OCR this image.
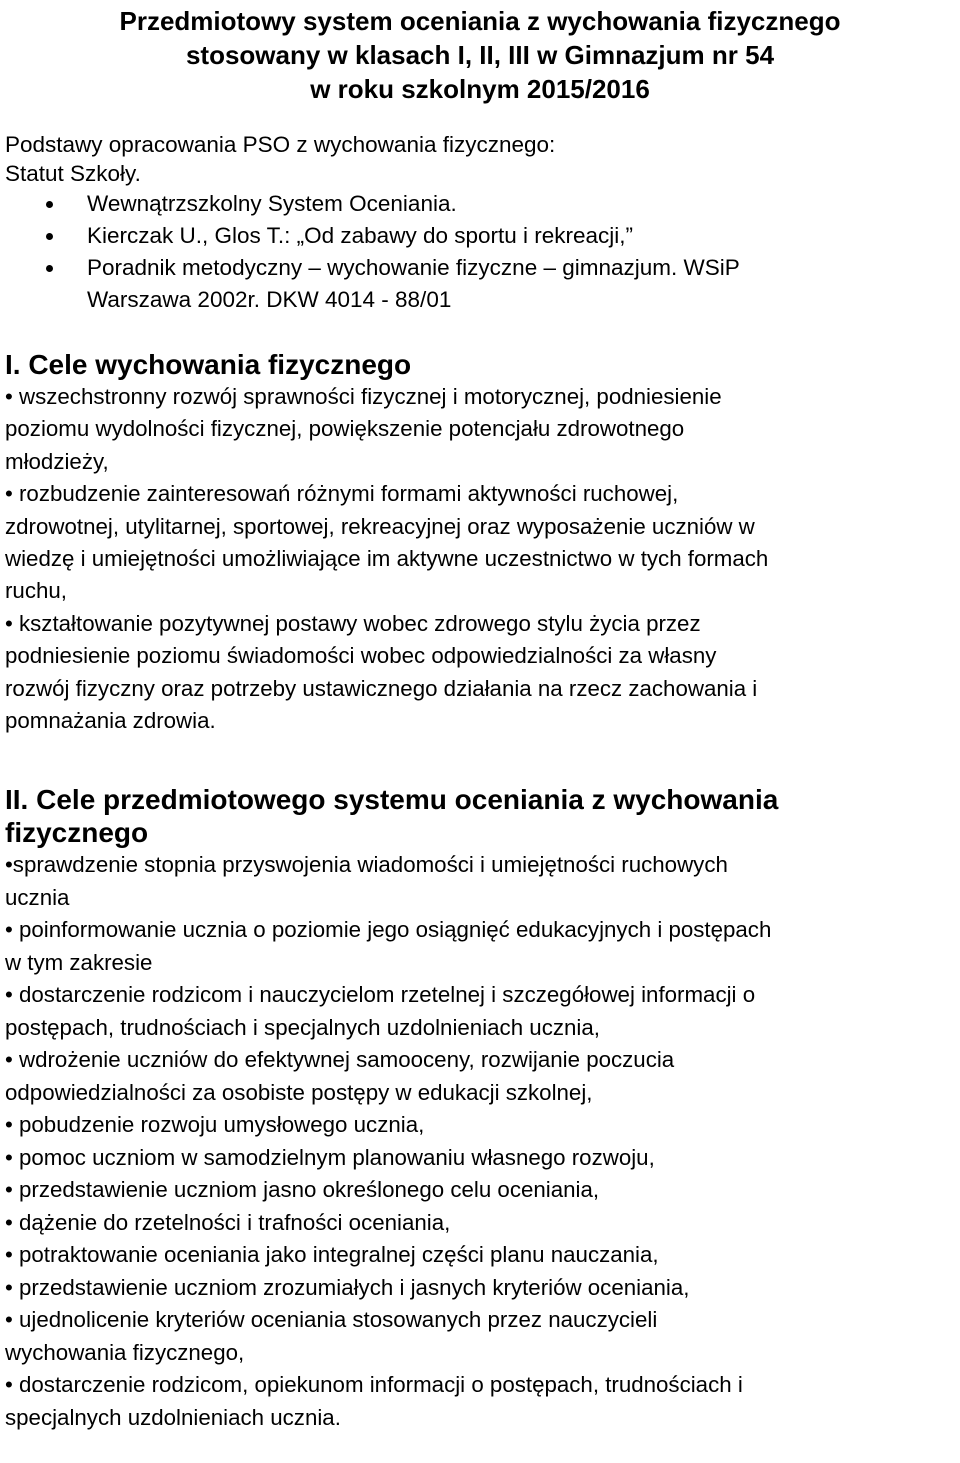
Przedmiotowy system oceniania z wychowania fizycznego
stosowany w klasach I, II, III w Gimnazjum nr 54
w roku szkolnym 2015/2016
Podstawy opracowania PSO z wychowania fizycznego:
Statut Szkoły.
Wewnątrzszkolny System Oceniania.
Kierczak U., Glos T.: „Od zabawy do sportu i rekreacji,”
Poradnik metodyczny – wychowanie fizyczne – gimnazjum. WSiP
Warszawa 2002r. DKW 4014 - 88/01
I. Cele wychowania fizycznego

• wszechstronny rozwój sprawności fizycznej i motorycznej, podniesienie
poziomu wydolności fizycznej, powiększenie potencjału zdrowotnego
młodzieży,
• rozbudzenie zainteresowań różnymi formami aktywności ruchowej,
zdrowotnej, utylitarnej, sportowej, rekreacyjnej oraz wyposażenie uczniów w
wiedzę i umiejętności umożliwiające im aktywne uczestnictwo w tych formach
ruchu,
• kształtowanie pozytywnej postawy wobec zdrowego stylu życia przez
podniesienie poziomu świadomości wobec odpowiedzialności za własny
rozwój fizyczny oraz potrzeby ustawicznego działania na rzecz zachowania i
pomnażania zdrowia.

II. Cele przedmiotowego systemu oceniania z wychowania
fizycznego

•sprawdzenie stopnia przyswojenia wiadomości i umiejętności ruchowych
ucznia
• poinformowanie ucznia o poziomie jego osiągnięć edukacyjnych i postępach
w tym zakresie
• dostarczenie rodzicom i nauczycielom rzetelnej i szczegółowej informacji o
postępach, trudnościach i specjalnych uzdolnieniach ucznia,
• wdrożenie uczniów do efektywnej samooceny, rozwijanie poczucia
odpowiedzialności za osobiste postępy w edukacji szkolnej,
• pobudzenie rozwoju umysłowego ucznia,
• pomoc uczniom w samodzielnym planowaniu własnego rozwoju,
• przedstawienie uczniom jasno określonego celu oceniania,
• dążenie do rzetelności i trafności oceniania,
• potraktowanie oceniania jako integralnej części planu nauczania,
• przedstawienie uczniom zrozumiałych i jasnych kryteriów oceniania,
• ujednolicenie kryteriów oceniania stosowanych przez nauczycieli
wychowania fizycznego,
• dostarczenie rodzicom, opiekunom informacji o postępach, trudnościach i
specjalnych uzdolnieniach ucznia.
